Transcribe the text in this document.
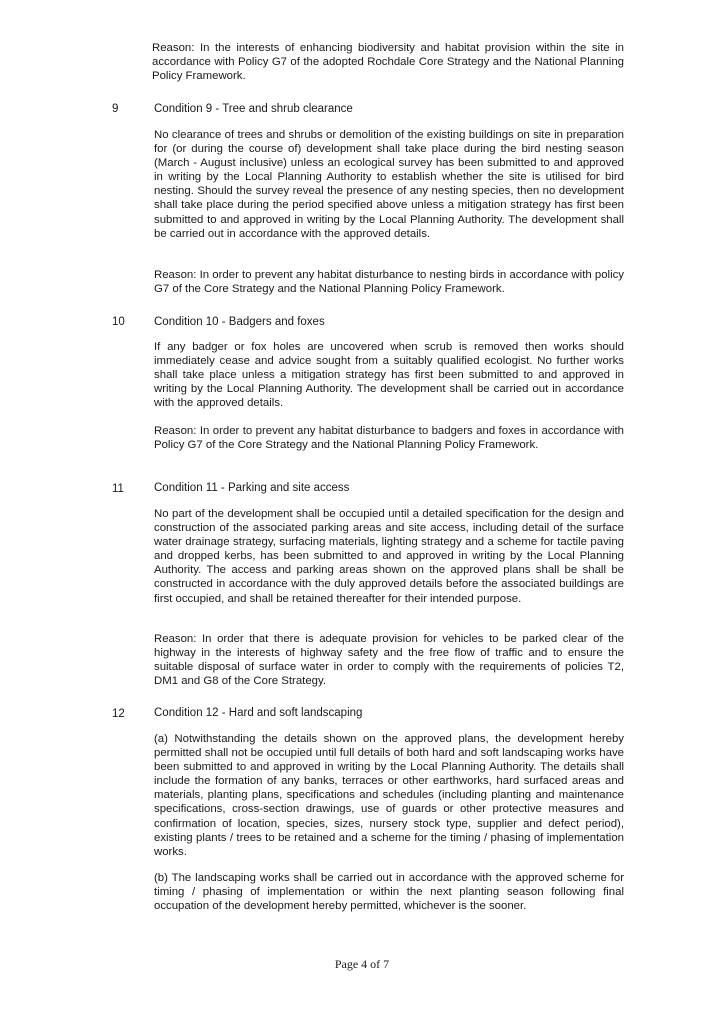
Reason: In the interests of enhancing biodiversity and habitat provision within the site in accordance with Policy G7 of the adopted Rochdale Core Strategy and the National Planning Policy Framework.
9	Condition 9 - Tree and shrub clearance
No clearance of trees and shrubs or demolition of the existing buildings on site in preparation for (or during the course of) development shall take place during the bird nesting season (March - August inclusive) unless an ecological survey has been submitted to and approved in writing by the Local Planning Authority to establish whether the site is utilised for bird nesting. Should the survey reveal the presence of any nesting species, then no development shall take place during the period specified above unless a mitigation strategy has first been submitted to and approved in writing by the Local Planning Authority. The development shall be carried out in accordance with the approved details.
Reason: In order to prevent any habitat disturbance to nesting birds in accordance with policy G7 of the Core Strategy and the National Planning Policy Framework.
10	Condition 10 - Badgers and foxes
If any badger or fox holes are uncovered when scrub is removed then works should immediately cease and advice sought from a suitably qualified ecologist. No further works shall take place unless a mitigation strategy has first been submitted to and approved in writing by the Local Planning Authority. The development shall be carried out in accordance with the approved details.
Reason: In order to prevent any habitat disturbance to badgers and foxes in accordance with Policy G7 of the Core Strategy and the National Planning Policy Framework.
11	Condition 11 - Parking and site access
No part of the development shall be occupied until a detailed specification for the design and construction of the associated parking areas and site access, including detail of the surface water drainage strategy, surfacing materials, lighting strategy and a scheme for tactile paving and dropped kerbs, has been submitted to and approved in writing by the Local Planning Authority. The access and parking areas shown on the approved plans shall be shall be constructed in accordance with the duly approved details before the associated buildings are first occupied, and shall be retained thereafter for their intended purpose.
Reason: In order that there is adequate provision for vehicles to be parked clear of the highway in the interests of highway safety and the free flow of traffic and to ensure the suitable disposal of surface water in order to comply with the requirements of policies T2, DM1 and G8 of the Core Strategy.
12	Condition 12 - Hard and soft landscaping
(a) Notwithstanding the details shown on the approved plans, the development hereby permitted shall not be occupied until full details of both hard and soft landscaping works have been submitted to and approved in writing by the Local Planning Authority. The details shall include the formation of any banks, terraces or other earthworks, hard surfaced areas and materials, planting plans, specifications and schedules (including planting and maintenance specifications, cross-section drawings, use of guards or other protective measures and confirmation of location, species, sizes, nursery stock type, supplier and defect period), existing plants / trees to be retained and a scheme for the timing / phasing of implementation works.
(b) The landscaping works shall be carried out in accordance with the approved scheme for timing / phasing of implementation or within the next planting season following final occupation of the development hereby permitted, whichever is the sooner.
Page 4 of 7
